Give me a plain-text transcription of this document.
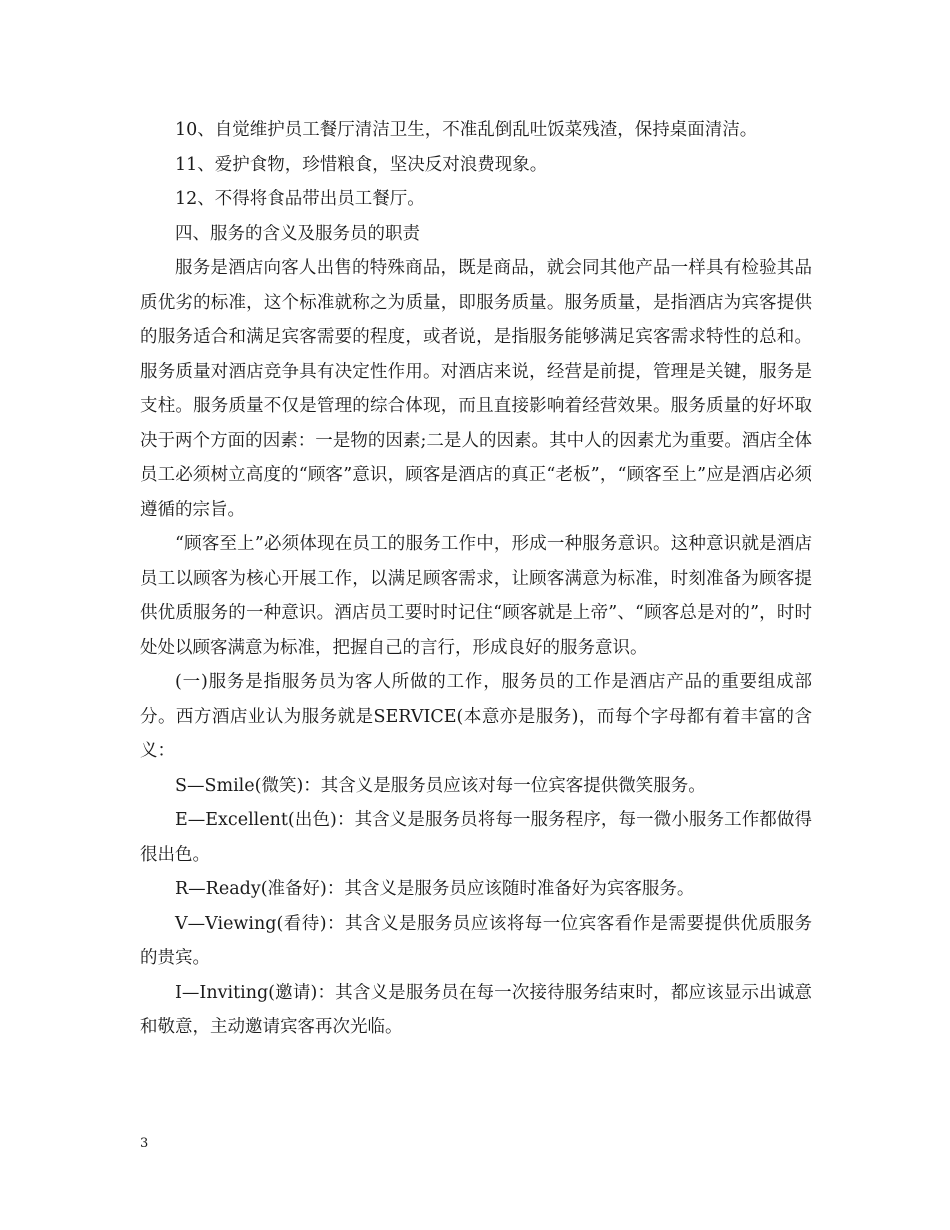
10、自觉维护员工餐厅清洁卫生，不准乱倒乱吐饭菜残渣，保持桌面清洁。

11、爱护食物，珍惜粮食，坚决反对浪费现象。

12、不得将食品带出员工餐厅。

四、服务的含义及服务员的职责

服务是酒店向客人出售的特殊商品，既是商品，就会同其他产品一样具有检验其品质优劣的标准，这个标准就称之为质量，即服务质量。服务质量，是指酒店为宾客提供的服务适合和满足宾客需要的程度，或者说，是指服务能够满足宾客需求特性的总和。服务质量对酒店竞争具有决定性作用。对酒店来说，经营是前提，管理是关键，服务是支柱。服务质量不仅是管理的综合体现，而且直接影响着经营效果。服务质量的好坏取决于两个方面的因素：一是物的因素;二是人的因素。其中人的因素尤为重要。酒店全体员工必须树立高度的“顾客”意识，顾客是酒店的真正“老板”，“顾客至上”应是酒店必须遵循的宗旨。

“顾客至上”必须体现在员工的服务工作中，形成一种服务意识。这种意识就是酒店员工以顾客为核心开展工作，以满足顾客需求，让顾客满意为标准，时刻准备为顾客提供优质服务的一种意识。酒店员工要时时记住“顾客就是上帝”、“顾客总是对的”，时时处处以顾客满意为标准，把握自己的言行，形成良好的服务意识。

(一)服务是指服务员为客人所做的工作，服务员的工作是酒店产品的重要组成部分。西方酒店业认为服务就是SERVICE(本意亦是服务)，而每个字母都有着丰富的含义：

S—Smile(微笑)：其含义是服务员应该对每一位宾客提供微笑服务。

E—Excellent(出色)：其含义是服务员将每一服务程序，每一微小服务工作都做得很出色。

R—Ready(准备好)：其含义是服务员应该随时准备好为宾客服务。

V—Viewing(看待)：其含义是服务员应该将每一位宾客看作是需要提供优质服务的贵宾。

I—Inviting(邀请)：其含义是服务员在每一次接待服务结束时，都应该显示出诚意和敬意，主动邀请宾客再次光临。

3
